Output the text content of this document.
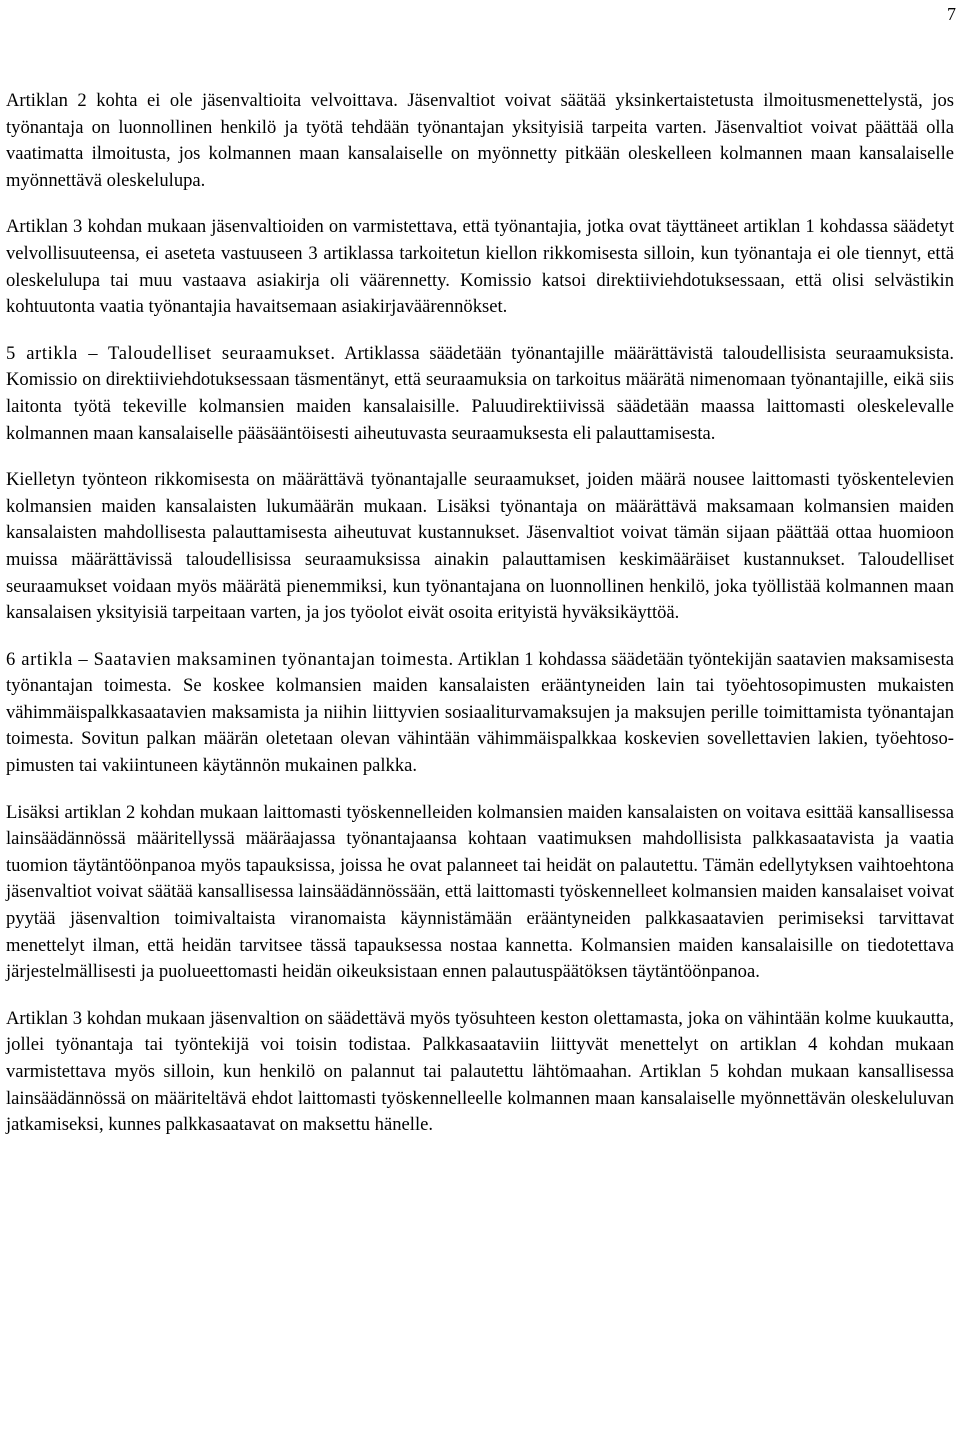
7

Artiklan 2 kohta ei ole jäsenvaltioita velvoittava. Jäsenvaltiot voivat säätää yksinkertaistetusta ilmoitusmenettelystä, jos työnantaja on luonnollinen henkilö ja työtä tehdään työnantajan yksityisiä tarpeita varten. Jäsenvaltiot voivat päättää olla vaatimatta ilmoitusta, jos kolmannen maan kansalaiselle on myönnetty pitkään oleskelleen kolmannen maan kansalaiselle myönnettävä oleskelulupa.

Artiklan 3 kohdan mukaan jäsenvaltioiden on varmistettava, että työnantajia, jotka ovat täyttäneet artiklan 1 kohdassa säädetyt velvollisuuteensa, ei aseteta vastuuseen 3 artiklassa tarkoitetun kiellon rikkomisesta silloin, kun työnantaja ei ole tiennyt, että oleskelulupa tai muu vastaava asiakirja oli väärennetty. Komissio katsoi direktiiviehdotuksessaan, että olisi selvästikin kohtuutonta vaatia työnantajia havaitsemaan asiakirjaväärennökset.

5 artikla – Taloudelliset seuraamukset. Artiklassa säädetään työnantajille määrättävistä taloudellisista seuraamuksista. Komissio on direktiiviehdotuksessaan täsmentänyt, että seuraamuksia on tarkoitus määrätä nimenomaan työnantajille, eikä siis laitonta työtä tekeville kolmansien maiden kansalaisille. Paluudirektiivissä säädetään maassa laittomasti oleskelevalle kolmannen maan kansalaiselle pääsääntöisesti aiheutuvasta seuraamuksesta eli palauttamisesta.

Kielletyn työnteon rikkomisesta on määrättävä työnantajalle seuraamukset, joiden määrä nousee laittomasti työskentelevien kolmansien maiden kansalaisten lukumäärän mukaan. Lisäksi työnantaja on määrättävä maksamaan kolmansien maiden kansalaisten mahdollisesta palauttamisesta aiheutuvat kustannukset. Jäsenvaltiot voivat tämän sijaan päättää ottaa huomioon muissa määrättävissä taloudellisissa seuraamuksissa ainakin palauttamisen keskimääräiset kustannukset. Taloudelliset seuraamukset voidaan myös määrätä pienemmiksi, kun työnantajana on luonnollinen henkilö, joka työllistää kolmannen maan kansalaisen yksityisiä tarpeitaan varten, ja jos työolot eivät osoita erityistä hyväksikäyttöä.

6 artikla – Saatavien maksaminen työnantajan toimesta. Artiklan 1 kohdassa säädetään työntekijän saatavien maksamisesta työnantajan toimesta. Se koskee kolmansien maiden kansalaisten erääntyneiden lain tai työehtosopimusten mukaisten vähimmäispalkkasaatavien maksamista ja niihin liittyvien sosiaaliturvamaksujen ja maksujen perille toimittamista työnantajan toimesta. Sovitun palkan määrän oletetaan olevan vähintään vähimmäispalkkaa koskevien sovellettavien lakien, työehtosopimusten tai vakiintuneen käytännön mukainen palkka.

Lisäksi artiklan 2 kohdan mukaan laittomasti työskennelleiden kolmansien maiden kansalaisten on voitava esittää kansallisessa lainsäädännössä määritellyssä määräajassa työnantajaansa kohtaan vaatimuksen mahdollisista palkkasaatavista ja vaatia tuomion täytäntöönpanoa myös tapauksissa, joissa he ovat palanneet tai heidät on palautettu. Tämän edellytyksen vaihtoehtona jäsenvaltiot voivat säätää kansallisessa lainsäädännössään, että laittomasti työskennelleet kolmansien maiden kansalaiset voivat pyytää jäsenvaltion toimivaltaista viranomaista käynnistämään erääntyneiden palkkasaatavien perimiseksi tarvittavat menettelyt ilman, että heidän tarvitsee tässä tapauksessa nostaa kannetta. Kolmansien maiden kansalaisille on tiedotettava järjestelmällisesti ja puolueettomasti heidän oikeuksistaan ennen palautuspäätöksen täytäntöönpanoa.

Artiklan 3 kohdan mukaan jäsenvaltion on säädettävä myös työsuhteen keston olettamasta, joka on vähintään kolme kuukautta, jollei työnantaja tai työntekijä voi toisin todistaa. Palkkasaataviin liittyvät menettelyt on artiklan 4 kohdan mukaan varmistettava myös silloin, kun henkilö on palannut tai palautettu lähtömaahan. Artiklan 5 kohdan mukaan kansallisessa lainsäädännössä on määriteltävä ehdot laittomasti työskennelleelle kolmannen maan kansalaiselle myönnettävän oleskeluluvan jatkamiseksi, kunnes palkkasaatavat on maksettu hänelle.
